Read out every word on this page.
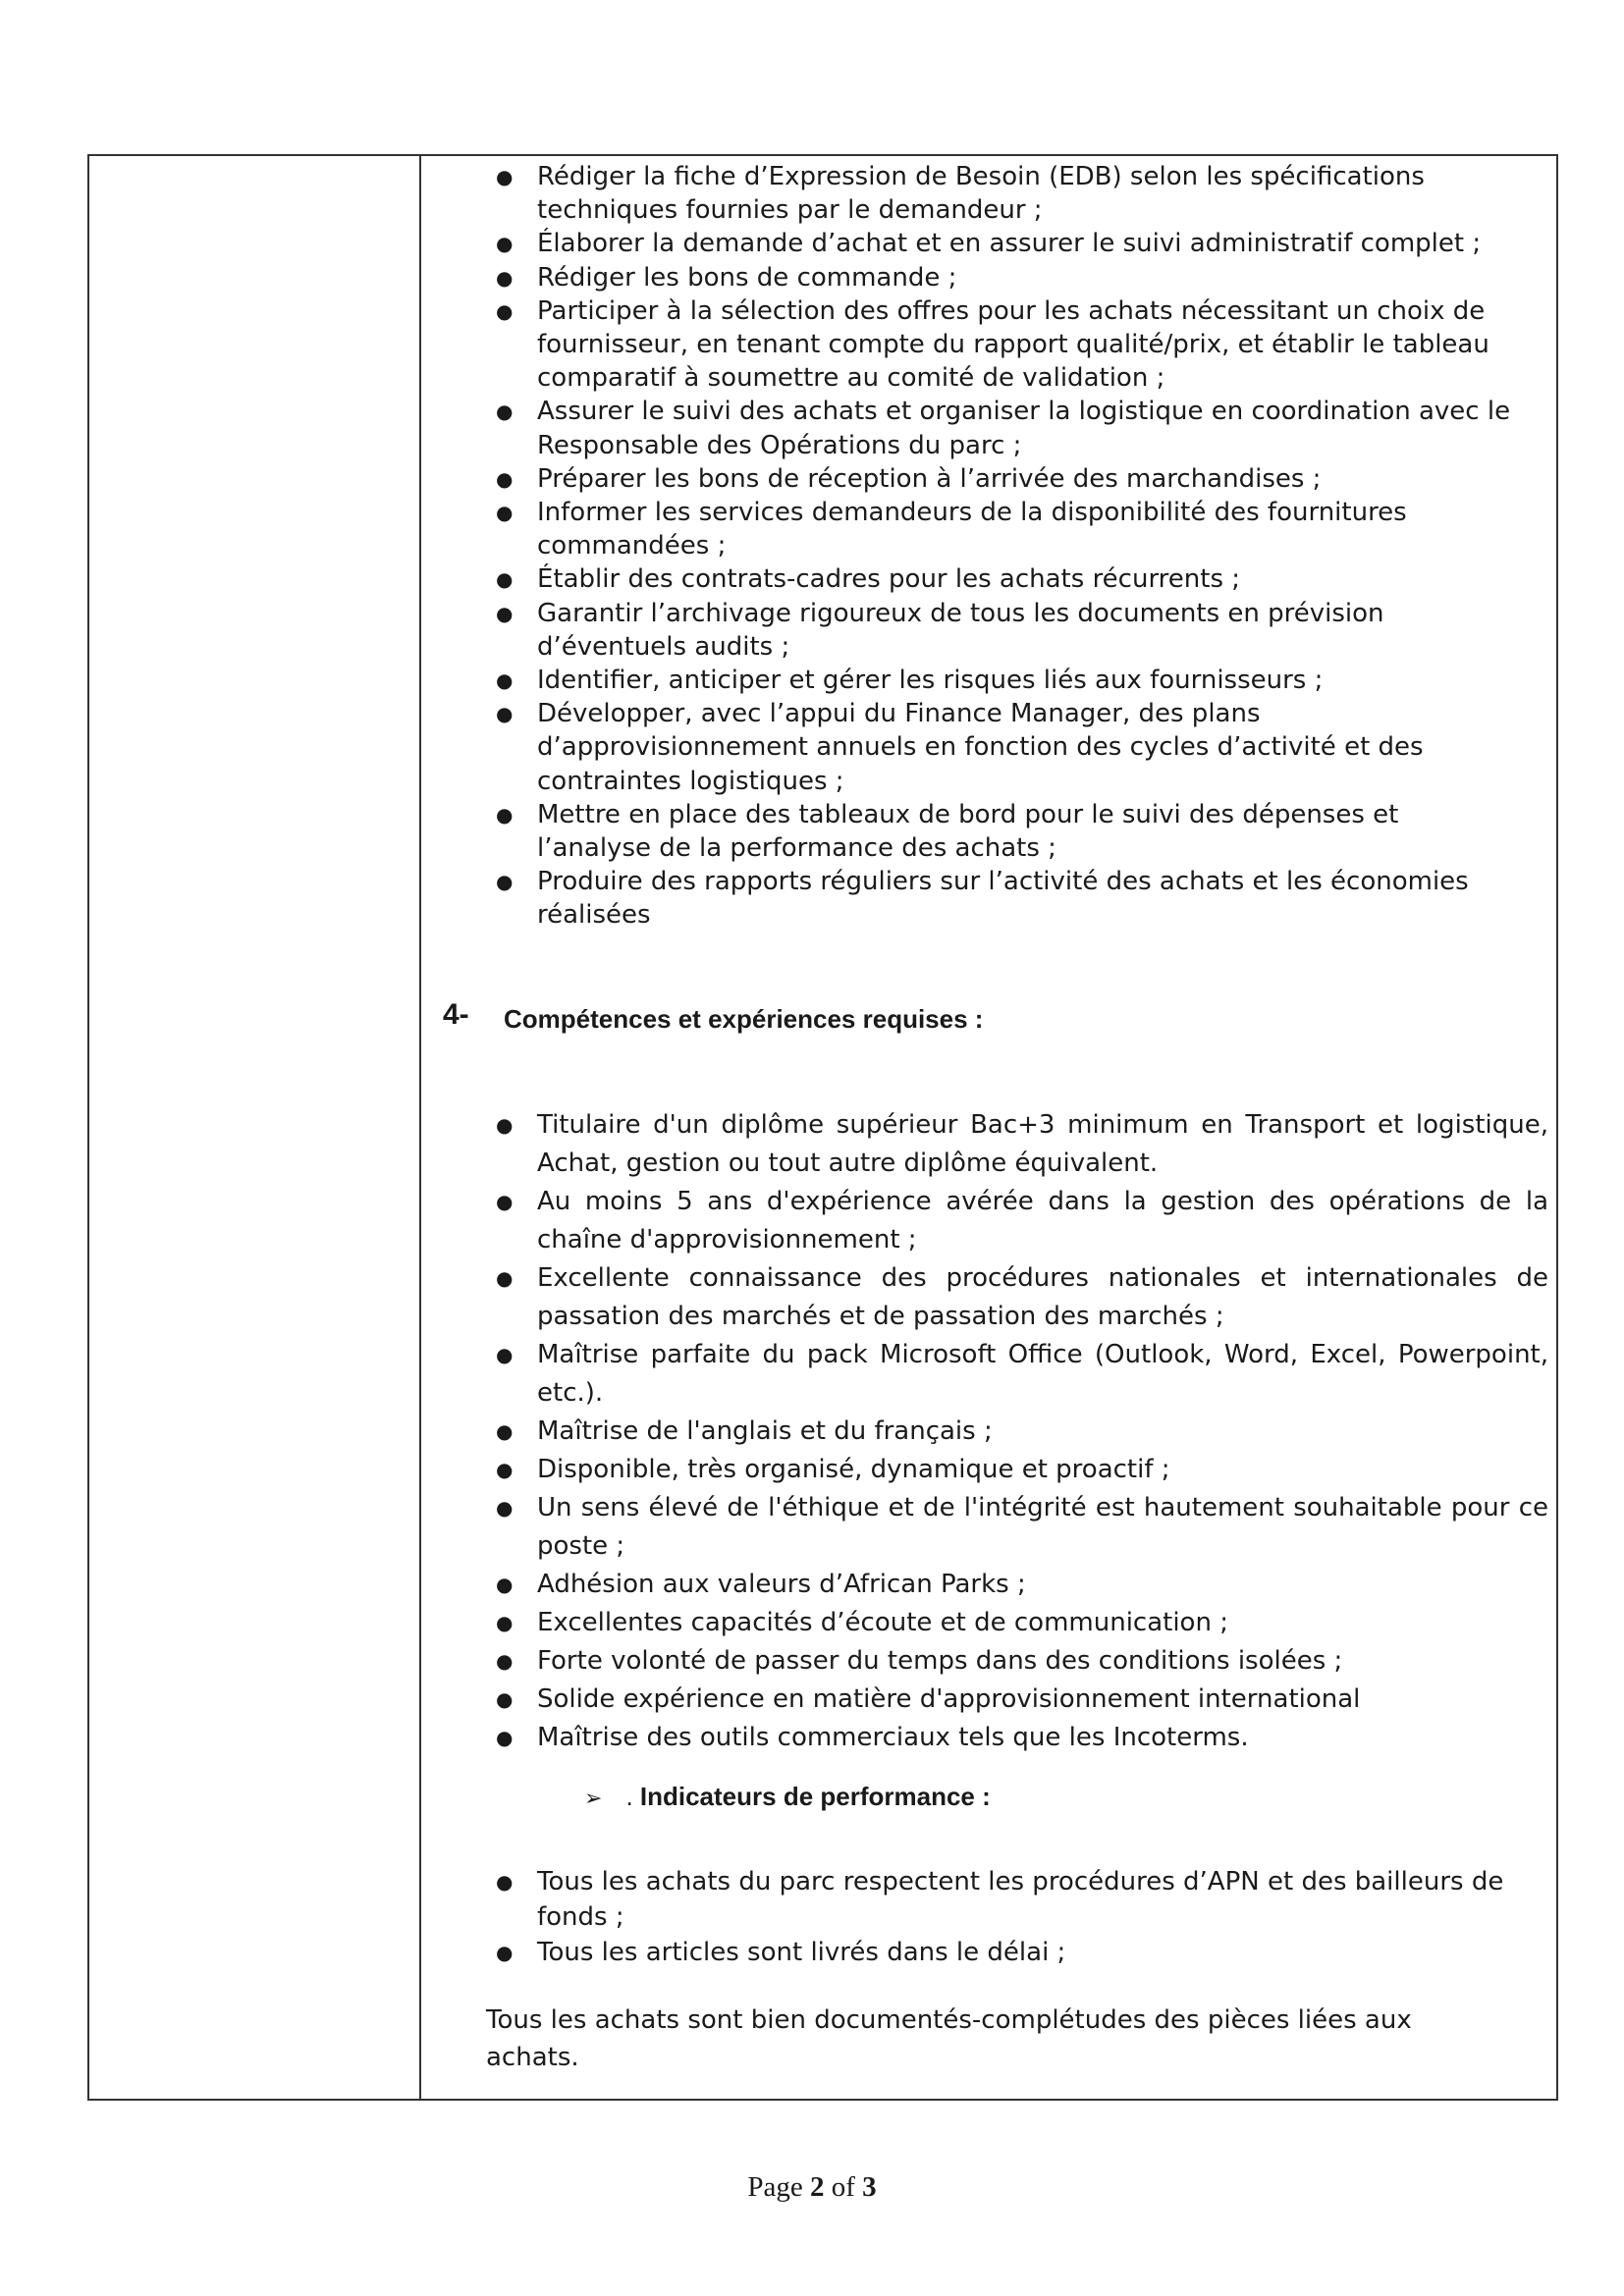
● Rédiger la fiche d’Expression de Besoin (EDB) selon les spécifications techniques fournies par le demandeur ;
● Élaborer la demande d’achat et en assurer le suivi administratif complet ;
● Rédiger les bons de commande ;
● Participer à la sélection des offres pour les achats nécessitant un choix de fournisseur, en tenant compte du rapport qualité/prix, et établir le tableau comparatif à soumettre au comité de validation ;
● Assurer le suivi des achats et organiser la logistique en coordination avec le Responsable des Opérations du parc ;
● Préparer les bons de réception à l’arrivée des marchandises ;
● Informer les services demandeurs de la disponibilité des fournitures commandées ;
● Établir des contrats-cadres pour les achats récurrents ;
● Garantir l’archivage rigoureux de tous les documents en prévision d’éventuels audits ;
● Identifier, anticiper et gérer les risques liés aux fournisseurs ;
● Développer, avec l’appui du Finance Manager, des plans d’approvisionnement annuels en fonction des cycles d’activité et des contraintes logistiques ;
● Mettre en place des tableaux de bord pour le suivi des dépenses et l’analyse de la performance des achats ;
● Produire des rapports réguliers sur l’activité des achats et les économies réalisées
4- Compétences et expériences requises :
● Titulaire d'un diplôme supérieur Bac+3 minimum en Transport et logistique, Achat, gestion ou tout autre diplôme équivalent.
● Au moins 5 ans d'expérience avérée dans la gestion des opérations de la chaîne d'approvisionnement ;
● Excellente connaissance des procédures nationales et internationales de passation des marchés et de passation des marchés ;
● Maîtrise parfaite du pack Microsoft Office (Outlook, Word, Excel, Powerpoint, etc.).
● Maîtrise de l'anglais et du français ;
● Disponible, très organisé, dynamique et proactif ;
● Un sens élevé de l'éthique et de l'intégrité est hautement souhaitable pour ce poste ;
● Adhésion aux valeurs d’African Parks ;
● Excellentes capacités d’écoute et de communication ;
● Forte volonté de passer du temps dans des conditions isolées ;
● Solide expérience en matière d'approvisionnement international
● Maîtrise des outils commerciaux tels que les Incoterms.
➢ . Indicateurs de performance :
● Tous les achats du parc respectent les procédures d’APN et des bailleurs de fonds ;
● Tous les articles sont livrés dans le délai ;
Tous les achats sont bien documentés-complétudes des pièces liées aux achats.
Page 2 of 3
